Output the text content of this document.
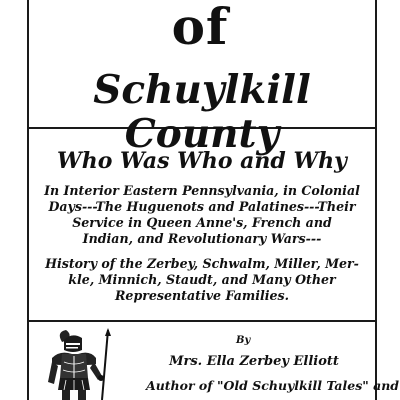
of
Schuylkill County
Who Was Who and Why
In Interior Eastern Pennsylvania, in Colonial
Days---The Huguenots and Palatines---Their
Service in Queen Anne's, French and
Indian, and Revolutionary Wars---
History of the Zerbey, Schwalm, Miller, Mer-
kle, Minnich, Staudt, and Many Other
Representative Families.
By
Mrs. Ella Zerbey Elliott
Author of "Old Schuylkill Tales" and
